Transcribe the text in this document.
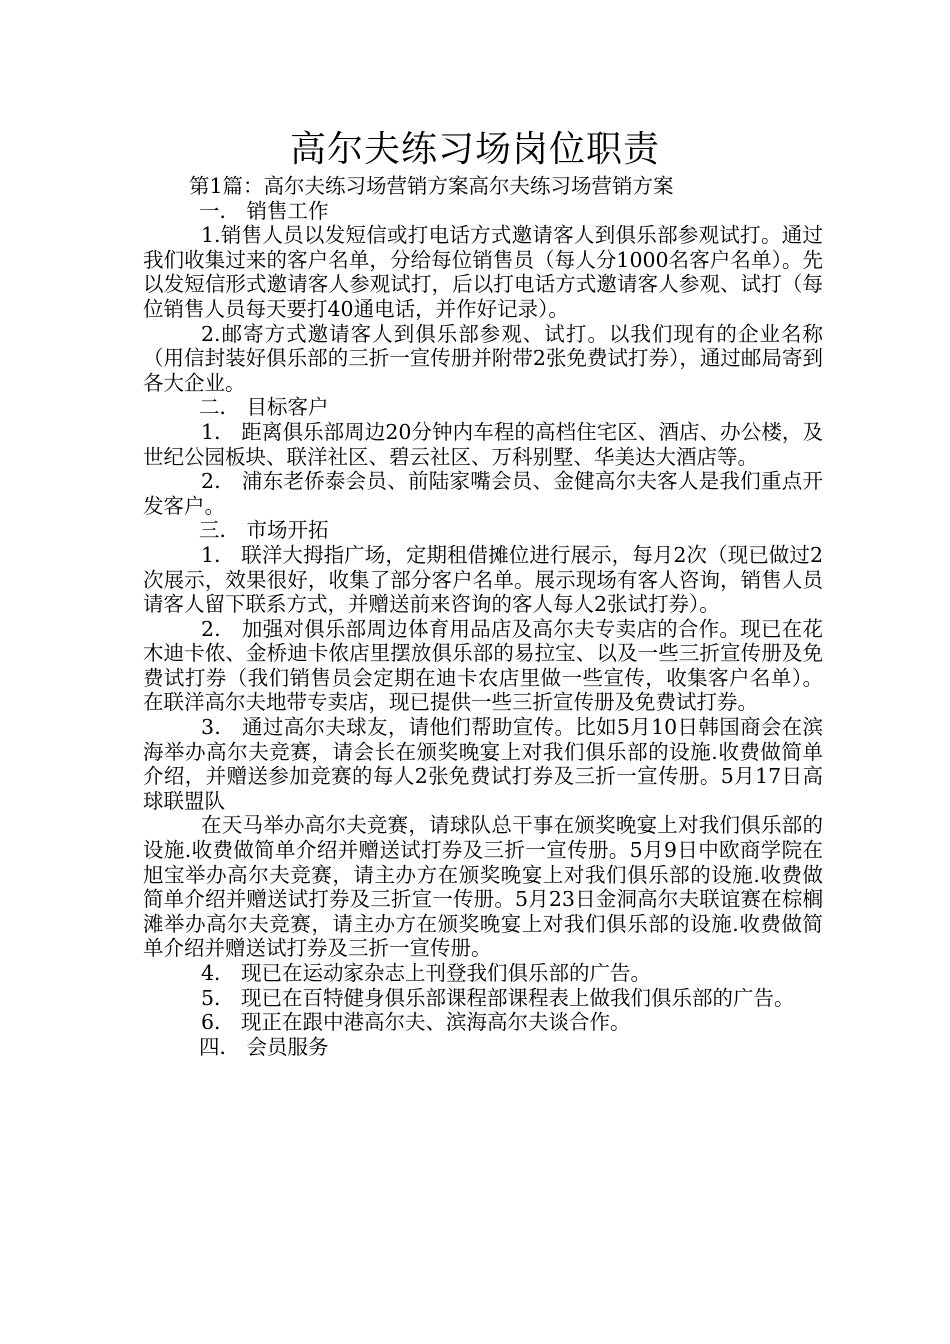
高尔夫练习场岗位职责

第1篇：高尔夫练习场营销方案高尔夫练习场营销方案

一． 销售工作

1.销售人员以发短信或打电话方式邀请客人到俱乐部参观试打。通过我们收集过来的客户名单，分给每位销售员（每人分1000名客户名单）。先以发短信形式邀请客人参观试打，后以打电话方式邀请客人参观、试打（每位销售人员每天要打40通电话，并作好记录）。

2.邮寄方式邀请客人到俱乐部参观、试打。以我们现有的企业名称（用信封装好俱乐部的三折一宣传册并附带2张免费试打券），通过邮局寄到各大企业。

二． 目标客户

1． 距离俱乐部周边20分钟内车程的高档住宅区、酒店、办公楼，及世纪公园板块、联洋社区、碧云社区、万科别墅、华美达大酒店等。

2． 浦东老侨泰会员、前陆家嘴会员、金健高尔夫客人是我们重点开发客户。

三． 市场开拓

1． 联洋大拇指广场，定期租借摊位进行展示，每月2次（现已做过2次展示，效果很好，收集了部分客户名单。展示现场有客人咨询，销售人员请客人留下联系方式，并赠送前来咨询的客人每人2张试打券）。

2． 加强对俱乐部周边体育用品店及高尔夫专卖店的合作。现已在花木迪卡侬、金桥迪卡侬店里摆放俱乐部的易拉宝、以及一些三折宣传册及免费试打券（我们销售员会定期在迪卡农店里做一些宣传，收集客户名单）。在联洋高尔夫地带专卖店，现已提供一些三折宣传册及免费试打券。

3． 通过高尔夫球友，请他们帮助宣传。比如5月10日韩国商会在滨海举办高尔夫竞赛，请会长在颁奖晚宴上对我们俱乐部的设施.收费做简单介绍，并赠送参加竞赛的每人2张免费试打券及三折一宣传册。5月17日高球联盟队

在天马举办高尔夫竞赛，请球队总干事在颁奖晚宴上对我们俱乐部的设施.收费做简单介绍并赠送试打券及三折一宣传册。5月9日中欧商学院在旭宝举办高尔夫竞赛，请主办方在颁奖晚宴上对我们俱乐部的设施.收费做简单介绍并赠送试打券及三折宣一传册。5月23日金洞高尔夫联谊赛在棕榈滩举办高尔夫竞赛，请主办方在颁奖晚宴上对我们俱乐部的设施.收费做简单介绍并赠送试打券及三折一宣传册。

4． 现已在运动家杂志上刊登我们俱乐部的广告。

5． 现已在百特健身俱乐部课程部课程表上做我们俱乐部的广告。

6． 现正在跟中港高尔夫、滨海高尔夫谈合作。

四． 会员服务
